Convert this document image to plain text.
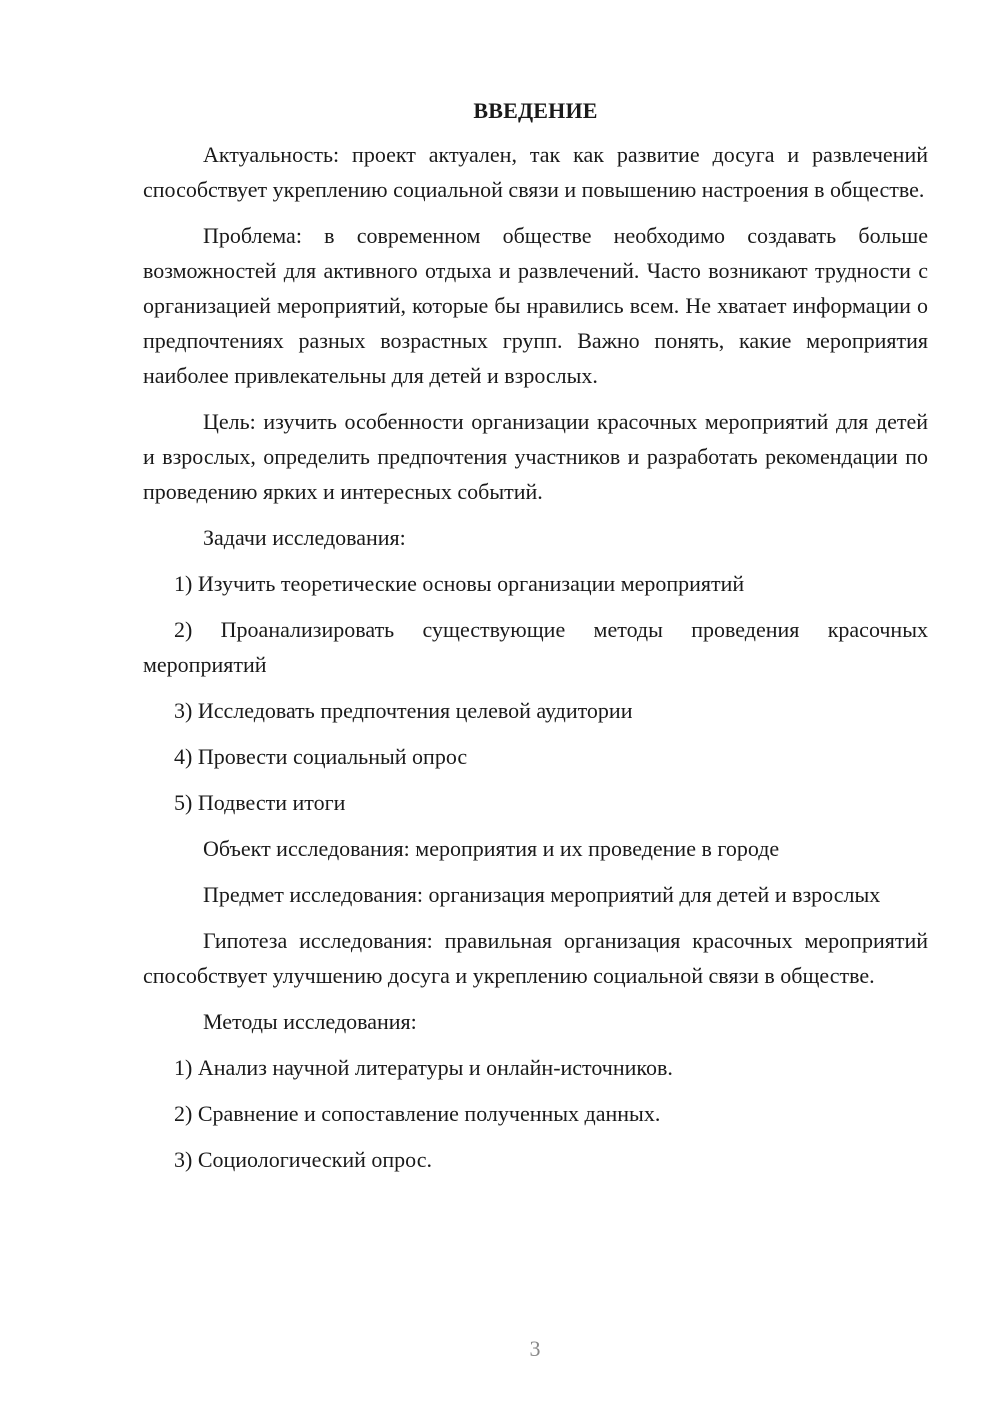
ВВЕДЕНИЕ

Актуальность: проект актуален, так как развитие досуга и развлечений способствует укреплению социальной связи и повышению настроения в обществе.

Проблема: в современном обществе необходимо создавать больше возможностей для активного отдыха и развлечений. Часто возникают трудности с организацией мероприятий, которые бы нравились всем. Не хватает информации о предпочтениях разных возрастных групп. Важно понять, какие мероприятия наиболее привлекательны для детей и взрослых.

Цель: изучить особенности организации красочных мероприятий для детей и взрослых, определить предпочтения участников и разработать рекомендации по проведению ярких и интересных событий.

Задачи исследования:

1) Изучить теоретические основы организации мероприятий

2) Проанализировать существующие методы проведения красочных мероприятий

3) Исследовать предпочтения целевой аудитории

4) Провести социальный опрос

5) Подвести итоги

Объект исследования: мероприятия и их проведение в городе

Предмет исследования: организация мероприятий для детей и взрослых

Гипотеза исследования: правильная организация красочных мероприятий способствует улучшению досуга и укреплению социальной связи в обществе.

Методы исследования:

1) Анализ научной литературы и онлайн-источников.

2) Сравнение и сопоставление полученных данных.

3) Социологический опрос.

3
